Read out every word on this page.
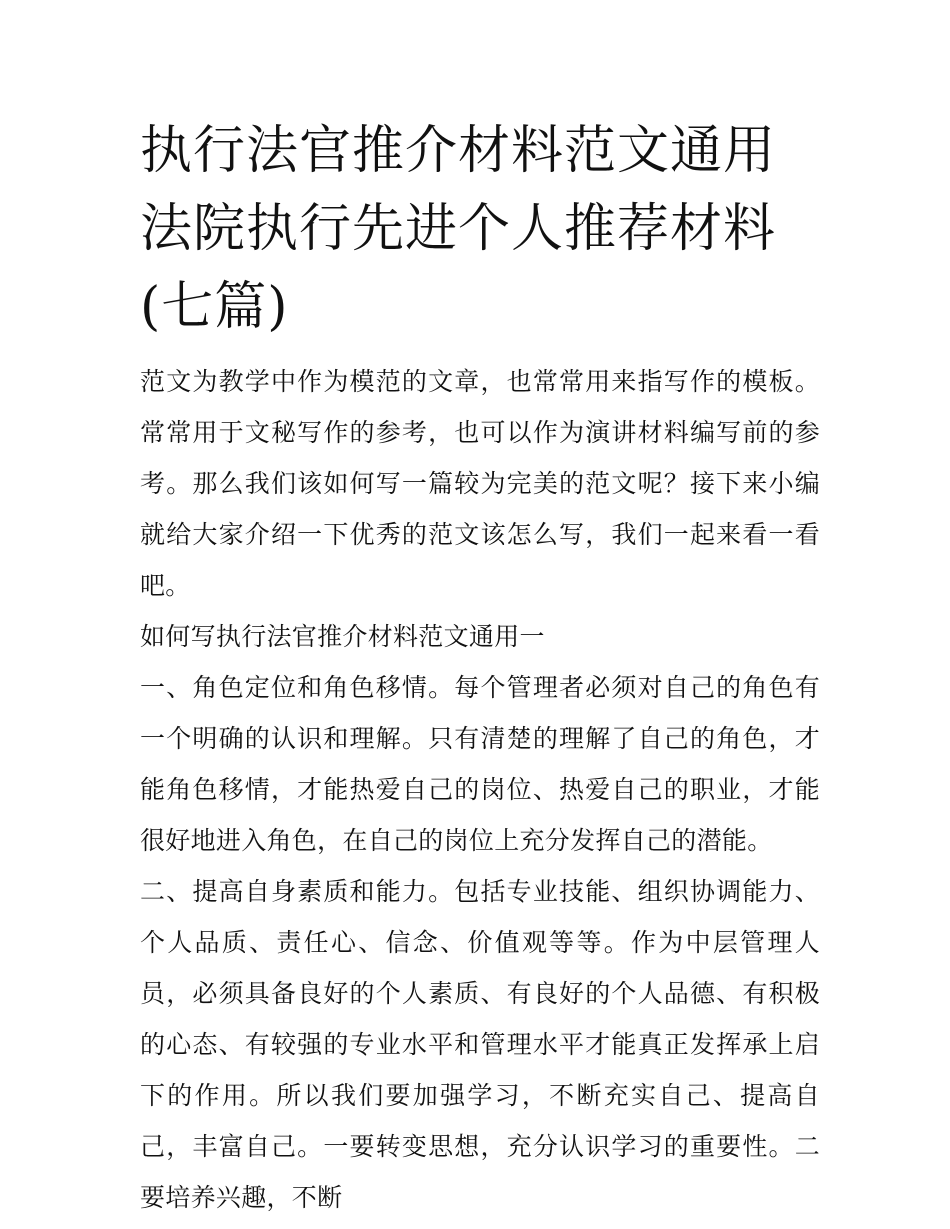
执行法官推介材料范文通用 法院执行先进个人推荐材料(七篇)

范文为教学中作为模范的文章，也常常用来指写作的模板。常常用于文秘写作的参考，也可以作为演讲材料编写前的参考。那么我们该如何写一篇较为完美的范文呢？接下来小编就给大家介绍一下优秀的范文该怎么写，我们一起来看一看吧。

如何写执行法官推介材料范文通用一

一、角色定位和角色移情。每个管理者必须对自己的角色有一个明确的认识和理解。只有清楚的理解了自己的角色，才能角色移情，才能热爱自己的岗位、热爱自己的职业，才能很好地进入角色，在自己的岗位上充分发挥自己的潜能。

二、提高自身素质和能力。包括专业技能、组织协调能力、个人品质、责任心、信念、价值观等等。作为中层管理人员，必须具备良好的个人素质、有良好的个人品德、有积极的心态、有较强的专业水平和管理水平才能真正发挥承上启下的作用。所以我们要加强学习，不断充实自己、提高自己，丰富自己。一要转变思想，充分认识学习的重要性。二要培养兴趣，不断
